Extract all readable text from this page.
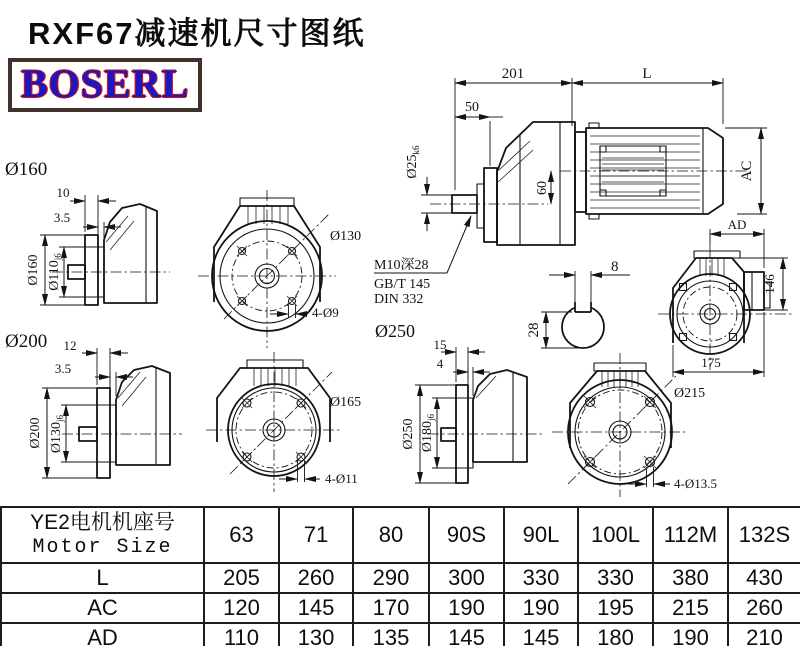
RXF67减速机尺寸图纸
BOSERL	201	L
50
$Ø25_{k6}$
60
AC
M10深28
GB/T 145
DIN 332
8
28
AD
146
175
Ø160
10
3.5
Ø160 $Ø110_{j6}$
Ø130
4-Ø9
Ø200 12
3.5
Ø200 $Ø130_{j6}$
Ø165
4-Ø11
Ø250
15
4
Ø250 $Ø180_{j6}$
Ø215
4-Ø13.5
YE2电机机座号
Motor Size	63	71	80	90S	90L	100L	112M	132S
L	205	260	290	300	330	330	380	430
AC	120	145	170	190	190	195	215	260
AD	110	130	135	145	145	180	190	210
